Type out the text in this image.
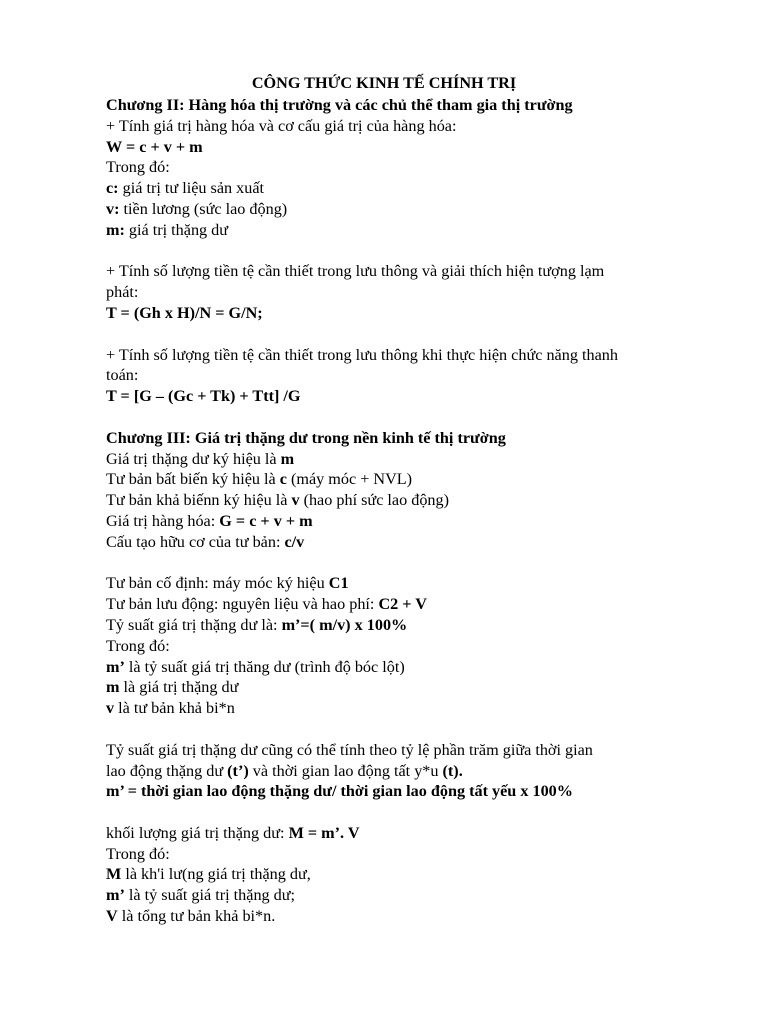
CÔNG THỨC KINH TẾ CHÍNH TRỊ
Chương II: Hàng hóa thị trường và các chủ thể tham gia thị trường
+ Tính giá trị hàng hóa và cơ cấu giá trị của hàng hóa:
W = c + v + m
Trong đó:
c: giá trị tư liệu sản xuất
v: tiền lương (sức lao động)
m: giá trị thặng dư
+ Tính số lượng tiền tệ cần thiết trong lưu thông và giải thích hiện tượng lạm
phát:
T = (Gh x H)/N = G/N;
+ Tính số lượng tiền tệ cần thiết trong lưu thông khi thực hiện chức năng thanh
toán:
T = [G – (Gc + Tk) + Ttt] /G
Chương III: Giá trị thặng dư trong nền kinh tế thị trường
Giá trị thặng dư ký hiệu là m
Tư bản bất biến ký hiệu là c (máy móc + NVL)
Tư bản khả biếnn ký hiệu là v (hao phí sức lao động)
Giá trị hàng hóa: G = c + v + m
Cấu tạo hữu cơ của tư bản: c/v
Tư bản cố định: máy móc ký hiệu C1
Tư bản lưu động: nguyên liệu và hao phí: C2 + V
Tỷ suất giá trị thặng dư là: m’=( m/v) x 100%
Trong đó:
m’ là tỷ suất giá trị thăng dư (trình độ bóc lột)
m là giá trị thặng dư
v là tư bản khả bi*n
Tỷ suất giá trị thặng dư cũng có thể tính theo tỷ lệ phần trăm giữa thời gian
lao động thặng dư (t’) và thời gian lao động tất y*u (t).
m’ = thời gian lao động thặng dư/ thời gian lao động tất yếu x 100%
khối lượng giá trị thặng dư: M = m’. V
Trong đó:
M là kh'i lư(ng giá trị thặng dư,
m’ là tỷ suất giá trị thặng dư;
V là tổng tư bản khả bi*n.
